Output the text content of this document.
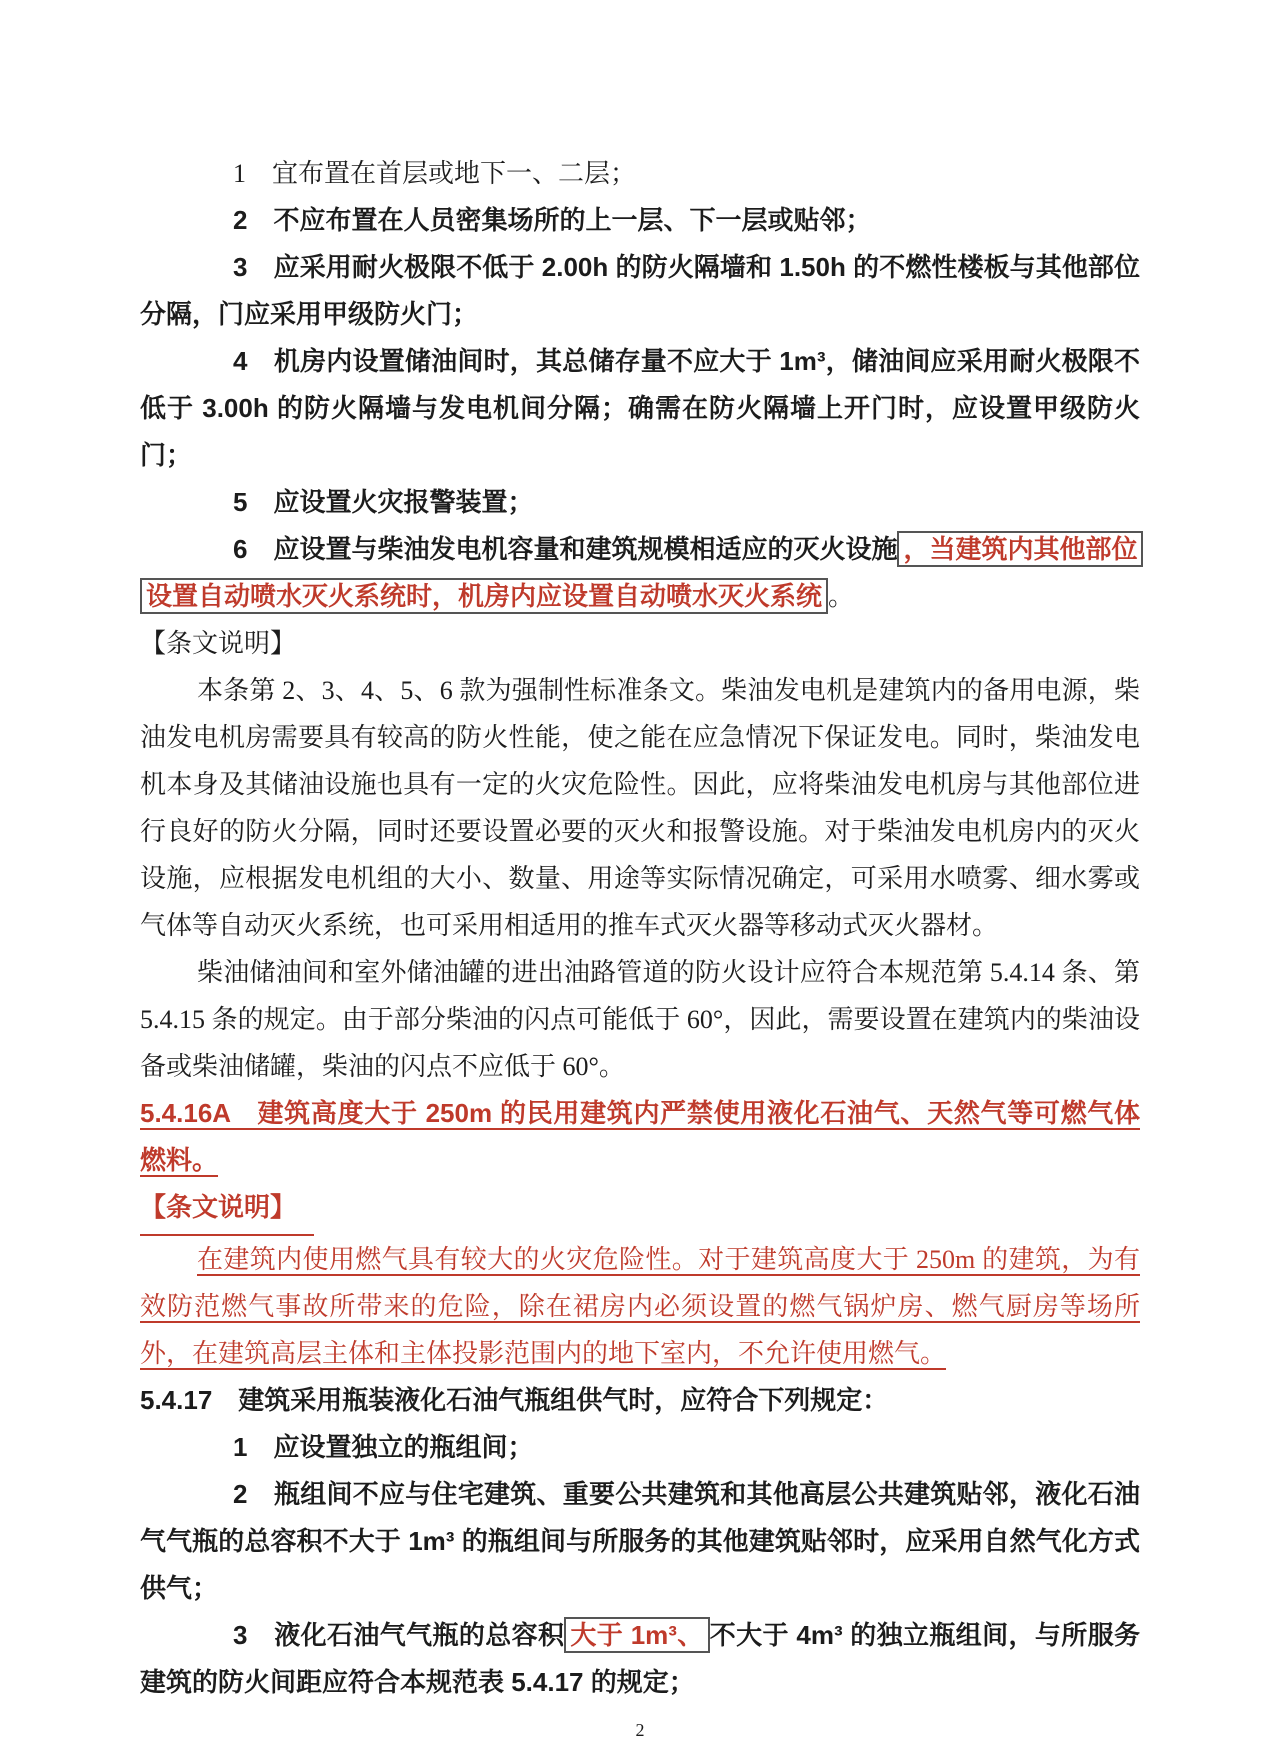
1　宜布置在首层或地下一、二层；

2　不应布置在人员密集场所的上一层、下一层或贴邻；

3　应采用耐火极限不低于 2.00h 的防火隔墙和 1.50h 的不燃性楼板与其他部位分隔，门应采用甲级防火门；

4　机房内设置储油间时，其总储存量不应大于 1m³，储油间应采用耐火极限不低于 3.00h 的防火隔墙与发电机间分隔；确需在防火隔墙上开门时，应设置甲级防火门；

5　应设置火灾报警装置；

6　应设置与柴油发电机容量和建筑规模相适应的灭火设施 ，当建筑内其他部位
设置自动喷水灭火系统时，机房内应设置自动喷水灭火系统 。

【条文说明】

本条第 2、3、4、5、6 款为强制性标准条文。柴油发电机是建筑内的备用电源，柴油发电机房需要具有较高的防火性能，使之能在应急情况下保证发电。同时，柴油发电机本身及其储油设施也具有一定的火灾危险性。因此，应将柴油发电机房与其他部位进行良好的防火分隔，同时还要设置必要的灭火和报警设施。对于柴油发电机房内的灭火设施，应根据发电机组的大小、数量、用途等实际情况确定，可采用水喷雾、细水雾或气体等自动灭火系统，也可采用相适用的推车式灭火器等移动式灭火器材。

柴油储油间和室外储油罐的进出油路管道的防火设计应符合本规范第 5.4.14 条、第 5.4.15 条的规定。由于部分柴油的闪点可能低于 60°，因此，需要设置在建筑内的柴油设备或柴油储罐，柴油的闪点不应低于 60°。

5.4.16A　建筑高度大于 250m 的民用建筑内严禁使用液化石油气、天然气等可燃气体燃料。

【条文说明】

在建筑内使用燃气具有较大的火灾危险性。对于建筑高度大于 250m 的建筑，为有效防范燃气事故所带来的危险，除在裙房内必须设置的燃气锅炉房、燃气厨房等场所外，在建筑高层主体和主体投影范围内的地下室内，不允许使用燃气。

5.4.17　建筑采用瓶装液化石油气瓶组供气时，应符合下列规定：

1　应设置独立的瓶组间；

2　瓶组间不应与住宅建筑、重要公共建筑和其他高层公共建筑贴邻，液化石油气气瓶的总容积不大于 1m³ 的瓶组间与所服务的其他建筑贴邻时，应采用自然气化方式供气；

3　液化石油气气瓶的总容积 大于 1m³、 不大于 4m³ 的独立瓶组间，与所服务建筑的防火间距应符合本规范表 5.4.17 的规定；

2
